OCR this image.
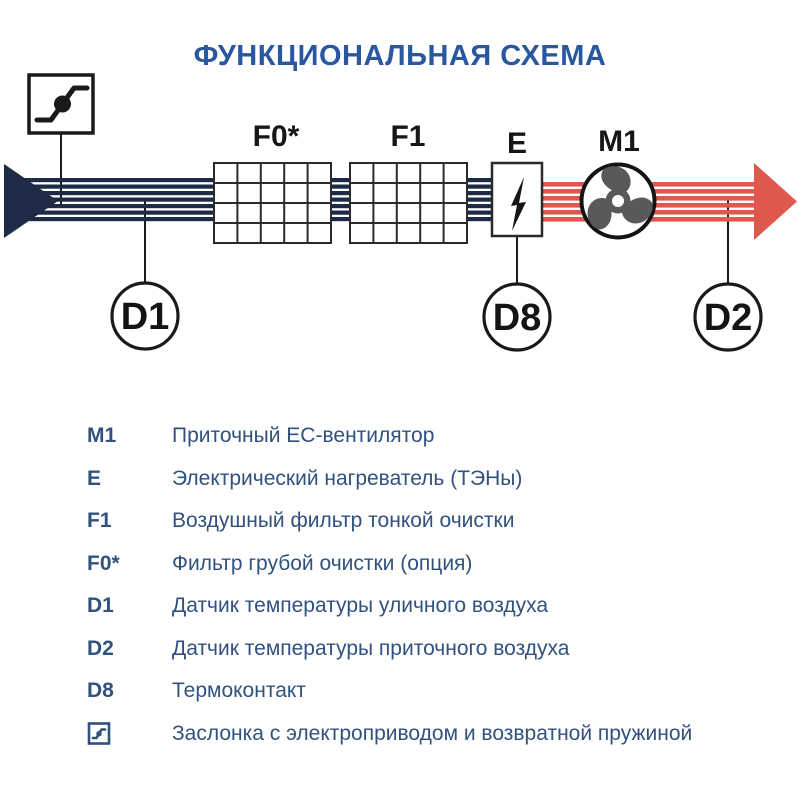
ФУНКЦИОНАЛЬНАЯ СХЕМА
F0*	F1	E M1
D1	D8	D2
M1	Приточный ЕС-вентилятор
E	Электрический нагреватель (ТЭНы)
F1	Воздушный фильтр тонкой очистки
F0*	Фильтр грубой очистки (опция)
D1	Датчик температуры уличного воздуха
D2	Датчик температуры приточного воздуха
D8	Термоконтакт
Заслонка с электроприводом и возвратной пружиной
